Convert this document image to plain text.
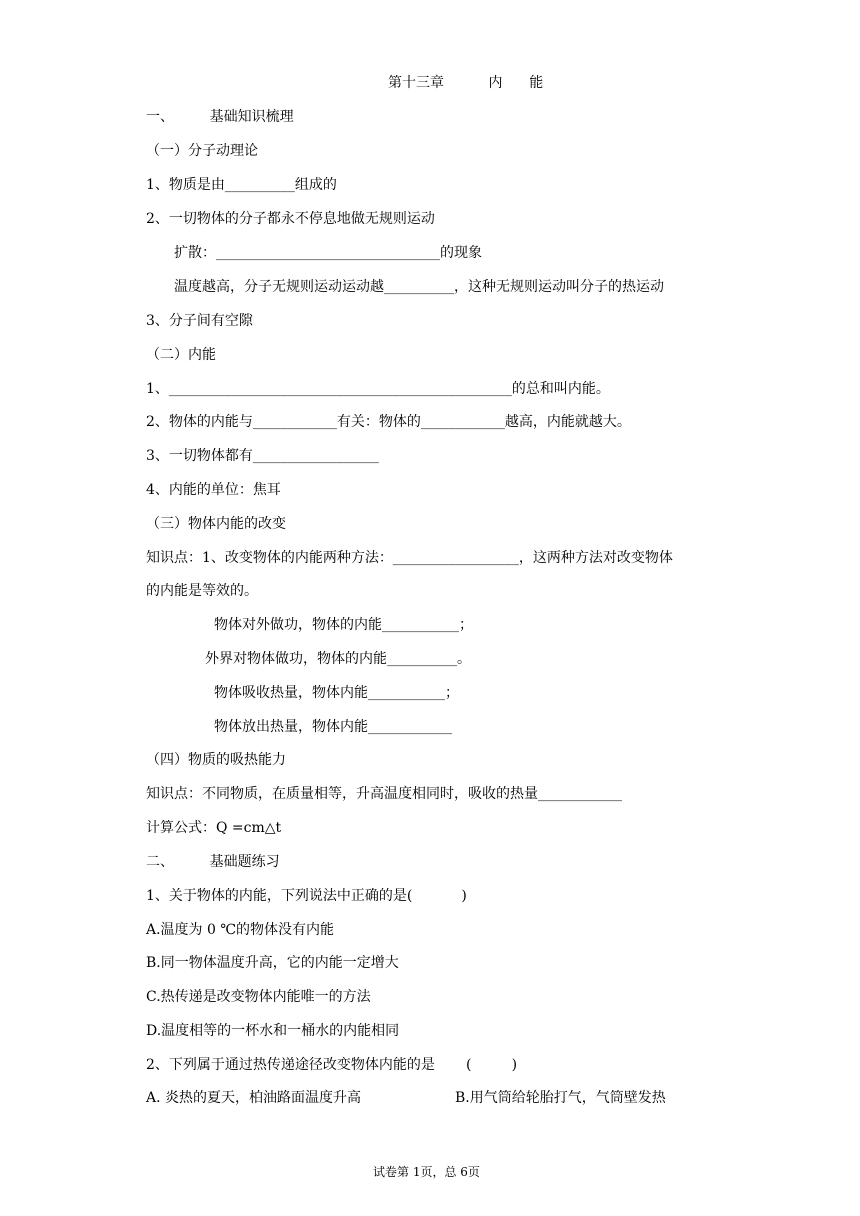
第十三章          内      能
一、        基础知识梳理
（一）分子动理论
1、物质是由__________组成的
2、一切物体的分子都永不停息地做无规则运动
扩散：________________________________的现象
温度越高，分子无规则运动运动越__________，这种无规则运动叫分子的热运动
3、分子间有空隙
（二）内能
1、_________________________________________________的总和叫内能。
2、物体的内能与____________有关：物体的____________越高，内能就越大。
3、一切物体都有__________________
4、内能的单位：焦耳
（三）物体内能的改变
知识点：1、改变物体的内能两种方法：__________________，这两种方法对改变物体
的内能是等效的。
物体对外做功，物体的内能___________；
外界对物体做功，物体的内能__________。
物体吸收热量，物体内能___________；
物体放出热量，物体内能____________
（四）物质的吸热能力
知识点：不同物质，在质量相等，升高温度相同时，吸收的热量____________
计算公式：Q =cm△t
二、        基础题练习
1、关于物体的内能，下列说法中正确的是(           )
A.温度为 0 ℃的物体没有内能
B.同一物体温度升高，它的内能一定增大
C.热传递是改变物体内能唯一的方法
D.温度相等的一杯水和一桶水的内能相同
2、下列属于通过热传递途径改变物体内能的是       (         )
A. 炎热的夏天，柏油路面温度升高	B.用气筒给轮胎打气，气筒壁发热
试卷第 1页，总 6页
